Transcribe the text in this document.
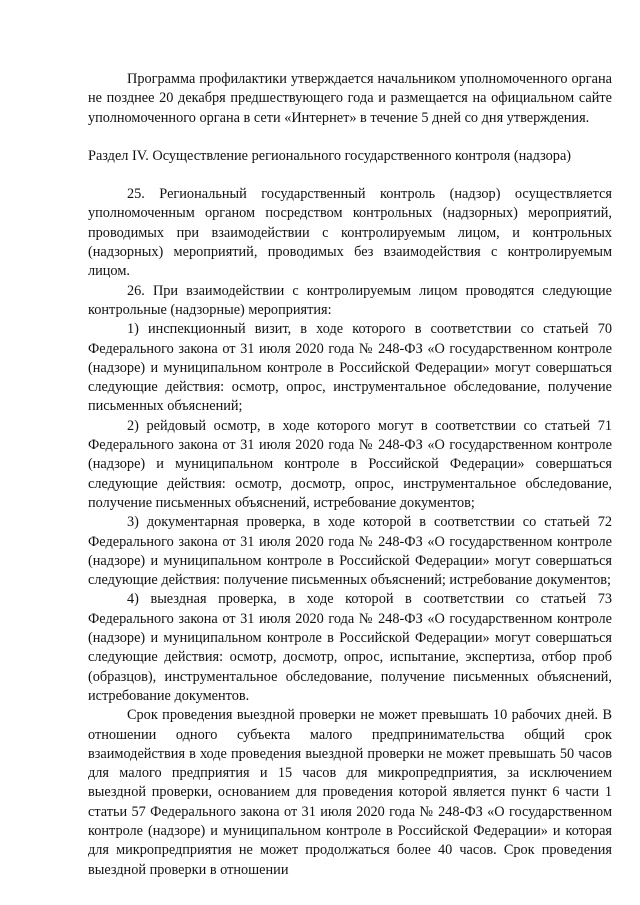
Программа профилактики утверждается начальником уполномоченного органа не позднее 20 декабря предшествующего года и размещается на официальном сайте уполномоченного органа в сети «Интернет» в течение 5 дней со дня утверждения.

Раздел IV. Осуществление регионального государственного контроля (надзора)

25. Региональный государственный контроль (надзор) осуществляется уполномоченным органом посредством контрольных (надзорных) мероприятий, проводимых при взаимодействии с контролируемым лицом, и контрольных (надзорных) мероприятий, проводимых без взаимодействия с контролируемым лицом.

26. При взаимодействии с контролируемым лицом проводятся следующие контрольные (надзорные) мероприятия:

1) инспекционный визит, в ходе которого в соответствии со статьей 70 Федерального закона от 31 июля 2020 года № 248-ФЗ «О государственном контроле (надзоре) и муниципальном контроле в Российской Федерации» могут совершаться следующие действия: осмотр, опрос, инструментальное обследование, получение письменных объяснений;

2) рейдовый осмотр, в ходе которого могут в соответствии со статьей 71 Федерального закона от 31 июля 2020 года № 248-ФЗ «О государственном контроле (надзоре) и муниципальном контроле в Российской Федерации» совершаться следующие действия: осмотр, досмотр, опрос, инструментальное обследование, получение письменных объяснений, истребование документов;

3) документарная проверка, в ходе которой в соответствии со статьей 72 Федерального закона от 31 июля 2020 года № 248-ФЗ «О государственном контроле (надзоре) и муниципальном контроле в Российской Федерации» могут совершаться следующие действия: получение письменных объяснений; истребование документов;

4) выездная проверка, в ходе которой в соответствии со статьей 73 Федерального закона от 31 июля 2020 года № 248-ФЗ «О государственном контроле (надзоре) и муниципальном контроле в Российской Федерации» могут совершаться следующие действия: осмотр, досмотр, опрос, испытание, экспертиза, отбор проб (образцов), инструментальное обследование, получение письменных объяснений, истребование документов.

Срок проведения выездной проверки не может превышать 10 рабочих дней. В отношении одного субъекта малого предпринимательства общий срок взаимодействия в ходе проведения выездной проверки не может превышать 50 часов для малого предприятия и 15 часов для микропредприятия, за исключением выездной проверки, основанием для проведения которой является пункт 6 части 1 статьи 57 Федерального закона от 31 июля 2020 года № 248-ФЗ «О государственном контроле (надзоре) и муниципальном контроле в Российской Федерации» и которая для микропредприятия не может продолжаться более 40 часов. Срок проведения выездной проверки в отношении
